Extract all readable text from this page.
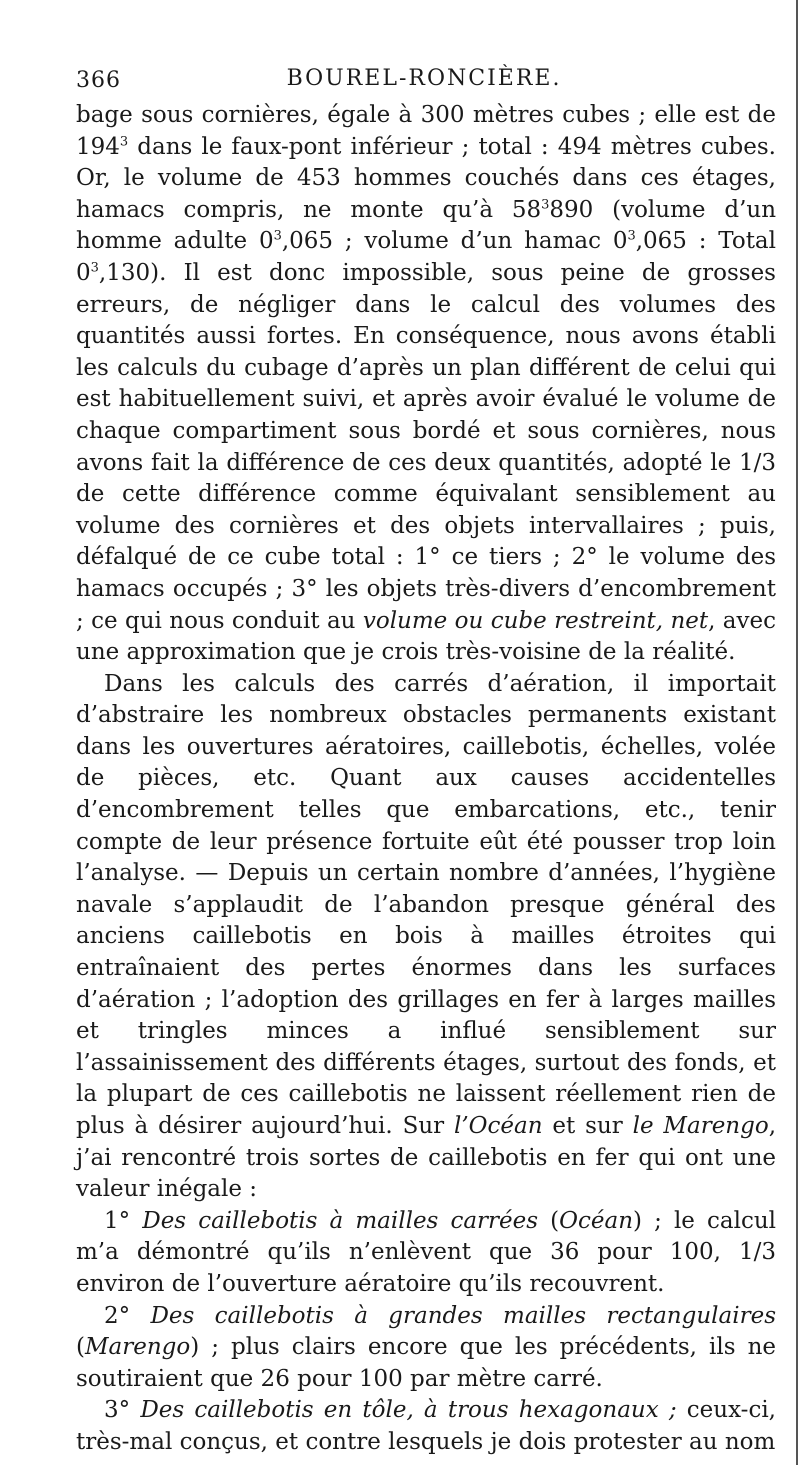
366	BOUREL-RONCIÈRE.

bage sous cornières, égale à 300 mètres cubes ; elle est de $194^3$ dans le faux-pont inférieur ; total : 494 mètres cubes. Or, le volume de 453 hommes couchés dans ces étages, hamacs compris, ne monte qu’à $58^3890$ (volume d’un homme adulte $0^3,065$ ; volume d’un hamac $0^3,065$ : Total $0^3,130$). Il est donc impossible, sous peine de grosses erreurs, de négliger dans le calcul des volumes des quantités aussi fortes. En conséquence, nous avons établi les calculs du cubage d’après un plan différent de celui qui est habituellement suivi, et après avoir évalué le volume de chaque compartiment sous bordé et sous cornières, nous avons fait la différence de ces deux quantités, adopté le 1/3 de cette différence comme équivalant sensiblement au volume des cornières et des objets intervallaires ; puis, défalqué de ce cube total : 1° ce tiers ; 2° le volume des hamacs occupés ; 3° les objets très-divers d’encombrement ; ce qui nous conduit au volume ou cube restreint, net, avec une approximation que je crois très-voisine de la réalité.

Dans les calculs des carrés d’aération, il importait d’abstraire les nombreux obstacles permanents existant dans les ouvertures aératoires, caillebotis, échelles, volée de pièces, etc. Quant aux causes accidentelles d’encombrement telles que embarcations, etc., tenir compte de leur présence fortuite eût été pousser trop loin l’analyse. — Depuis un certain nombre d’années, l’hygiène navale s’applaudit de l’abandon presque général des anciens caillebotis en bois à mailles étroites qui entraînaient des pertes énormes dans les surfaces d’aération ; l’adoption des grillages en fer à larges mailles et tringles minces a influé sensiblement sur l’assainissement des différents étages, surtout des fonds, et la plupart de ces caillebotis ne laissent réellement rien de plus à désirer aujourd’hui. Sur l’Océan et sur le Marengo, j’ai rencontré trois sortes de caillebotis en fer qui ont une valeur inégale :

1° Des caillebotis à mailles carrées (Océan) ; le calcul m’a démontré qu’ils n’enlèvent que 36 pour 100, 1/3 environ de l’ouverture aératoire qu’ils recouvrent.

2° Des caillebotis à grandes mailles rectangulaires (Marengo) ; plus clairs encore que les précédents, ils ne soutiraient que 26 pour 100 par mètre carré.

3° Des caillebotis en tôle, à trous hexagonaux ; ceux-ci, très-mal conçus, et contre lesquels je dois protester au nom
